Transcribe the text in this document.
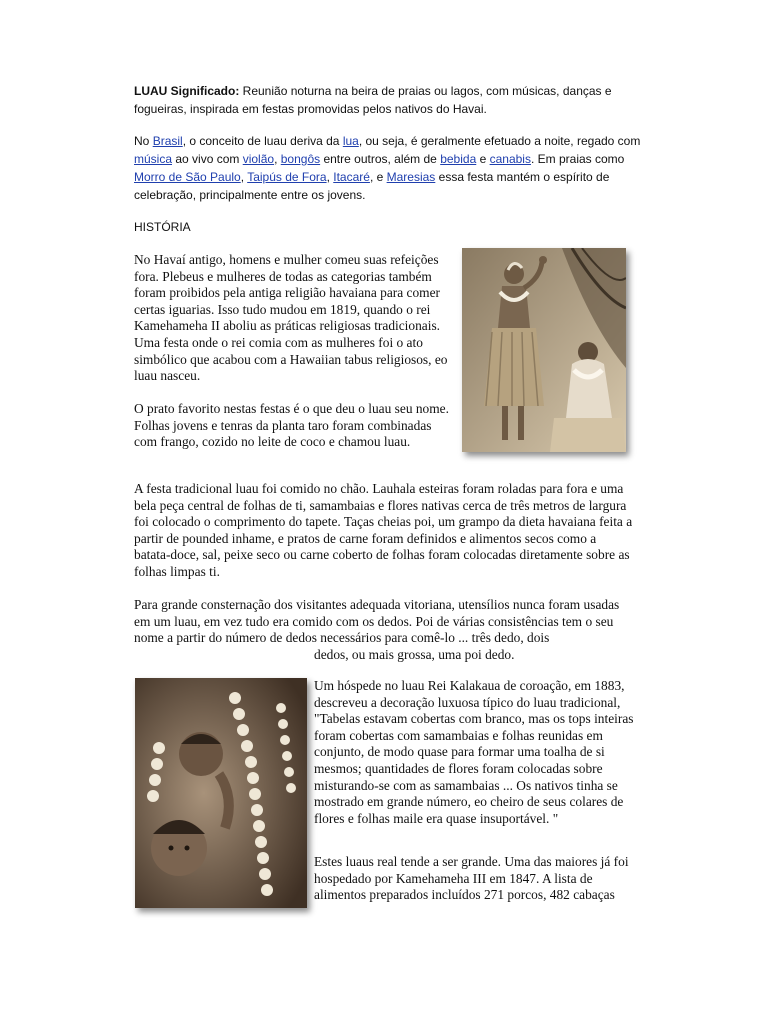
LUAU Significado: Reunião noturna na beira de praias ou lagos, com músicas, danças e fogueiras, inspirada em festas promovidas pelos nativos do Havai.
No Brasil, o conceito de luau deriva da lua, ou seja, é geralmente efetuado a noite, regado com música ao vivo com violão, bongôs entre outros, além de bebida e canabis. Em praias como Morro de São Paulo, Taipús de Fora, Itacaré, e Maresias essa festa mantém o espírito de celebração, principalmente entre os jovens.
HISTÓRIA

No Havaí antigo, homens e mulher comeu suas refeições fora. Plebeus e mulheres de todas as categorias também foram proibidos pela antiga religião havaiana para comer certas iguarias. Isso tudo mudou em 1819, quando o rei Kamehameha II aboliu as práticas religiosas tradicionais. Uma festa onde o rei comia com as mulheres foi o ato simbólico que acabou com a Hawaiian tabus religiosos, eo luau nasceu.

O prato favorito nestas festas é o que deu o luau seu nome. Folhas jovens e tenras da planta taro foram combinadas com frango, cozido no leite de coco e chamou luau.

A festa tradicional luau foi comido no chão. Lauhala esteiras foram roladas para fora e uma bela peça central de folhas de ti, samambaias e flores nativas cerca de três metros de largura foi colocado o comprimento do tapete. Taças cheias poi, um grampo da dieta havaiana feita a partir de pounded inhame, e pratos de carne foram definidos e alimentos secos como a batata-doce, sal, peixe seco ou carne coberto de folhas foram colocadas diretamente sobre as folhas limpas ti.

Para grande consternação dos visitantes adequada vitoriana, utensílios nunca foram usadas em um luau, em vez tudo era comido com os dedos. Poi de várias consistências tem o seu nome a partir do número de dedos necessários para comê-lo ... três dedo, dois

dedos, ou mais grossa, uma poi dedo.

Um hóspede no luau Rei Kalakaua de coroação, em 1883, descreveu a decoração luxuosa típico do luau tradicional, "Tabelas estavam cobertas com branco, mas os tops inteiras foram cobertas com samambaias e folhas reunidas em conjunto, de modo quase para formar uma toalha de si mesmos; quantidades de flores foram colocadas sobre misturando-se com as samambaias ... Os nativos tinha se mostrado em grande número, eo cheiro de seus colares de flores e folhas maile era quase insuportável. "

Estes luaus real tende a ser grande. Uma das maiores já foi hospedado por Kamehameha III em 1847. A lista de alimentos preparados incluídos 271 porcos, 482 cabaças
